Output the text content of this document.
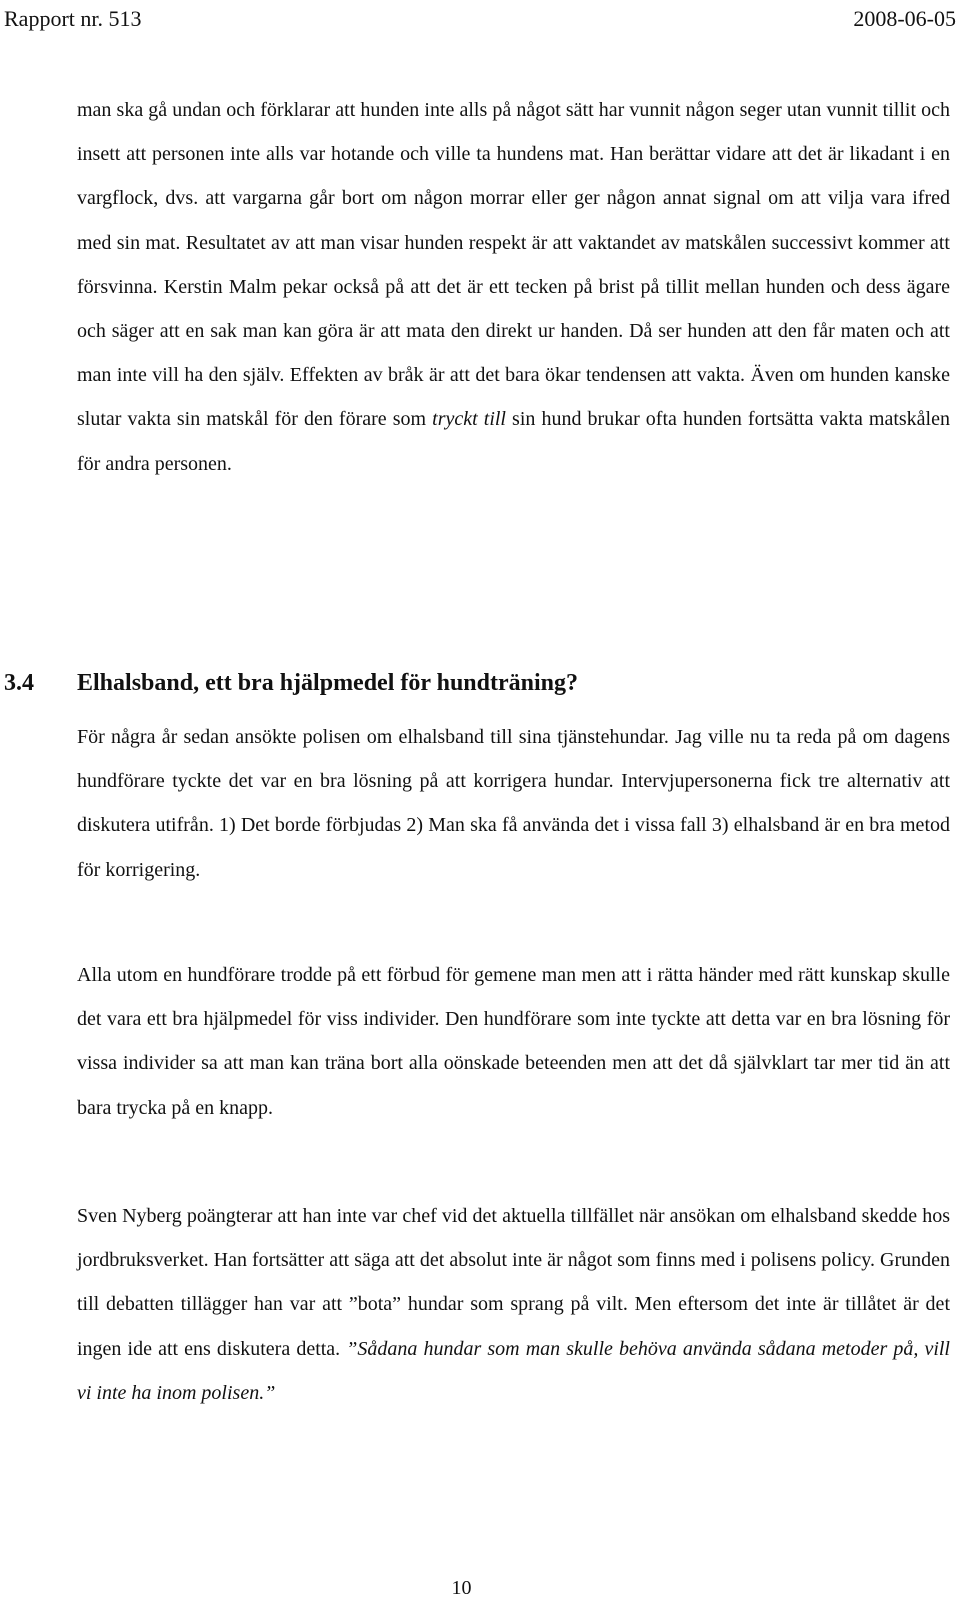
Rapport nr. 513	2008-06-05

man ska gå undan och förklarar att hunden inte alls på något sätt har vunnit någon seger utan vunnit tillit och insett att personen inte alls var hotande och ville ta hundens mat. Han berättar vidare att det är likadant i en vargflock, dvs. att vargarna går bort om någon morrar eller ger någon annat signal om att vilja vara ifred med sin mat. Resultatet av att man visar hunden respekt är att vaktandet av matskålen successivt kommer att försvinna. Kerstin Malm pekar också på att det är ett tecken på brist på tillit mellan hunden och dess ägare och säger att en sak man kan göra är att mata den direkt ur handen. Då ser hunden att den får maten och att man inte vill ha den själv. Effekten av bråk är att det bara ökar tendensen att vakta. Även om hunden kanske slutar vakta sin matskål för den förare som tryckt till sin hund brukar ofta hunden fortsätta vakta matskålen för andra personen.

3.4 Elhalsband, ett bra hjälpmedel för hundträning?

För några år sedan ansökte polisen om elhalsband till sina tjänstehundar. Jag ville nu ta reda på om dagens hundförare tyckte det var en bra lösning på att korrigera hundar. Intervjupersonerna fick tre alternativ att diskutera utifrån. 1) Det borde förbjudas 2) Man ska få använda det i vissa fall 3) elhalsband är en bra metod för korrigering.

Alla utom en hundförare trodde på ett förbud för gemene man men att i rätta händer med rätt kunskap skulle det vara ett bra hjälpmedel för viss individer. Den hundförare som inte tyckte att detta var en bra lösning för vissa individer sa att man kan träna bort alla oönskade beteenden men att det då självklart tar mer tid än att bara trycka på en knapp.

Sven Nyberg poängterar att han inte var chef vid det aktuella tillfället när ansökan om elhalsband skedde hos jordbruksverket. Han fortsätter att säga att det absolut inte är något som finns med i polisens policy. Grunden till debatten tillägger han var att ”bota” hundar som sprang på vilt. Men eftersom det inte är tillåtet är det ingen ide att ens diskutera detta. ”Sådana hundar som man skulle behöva använda sådana metoder på, vill vi inte ha inom polisen.”

10
